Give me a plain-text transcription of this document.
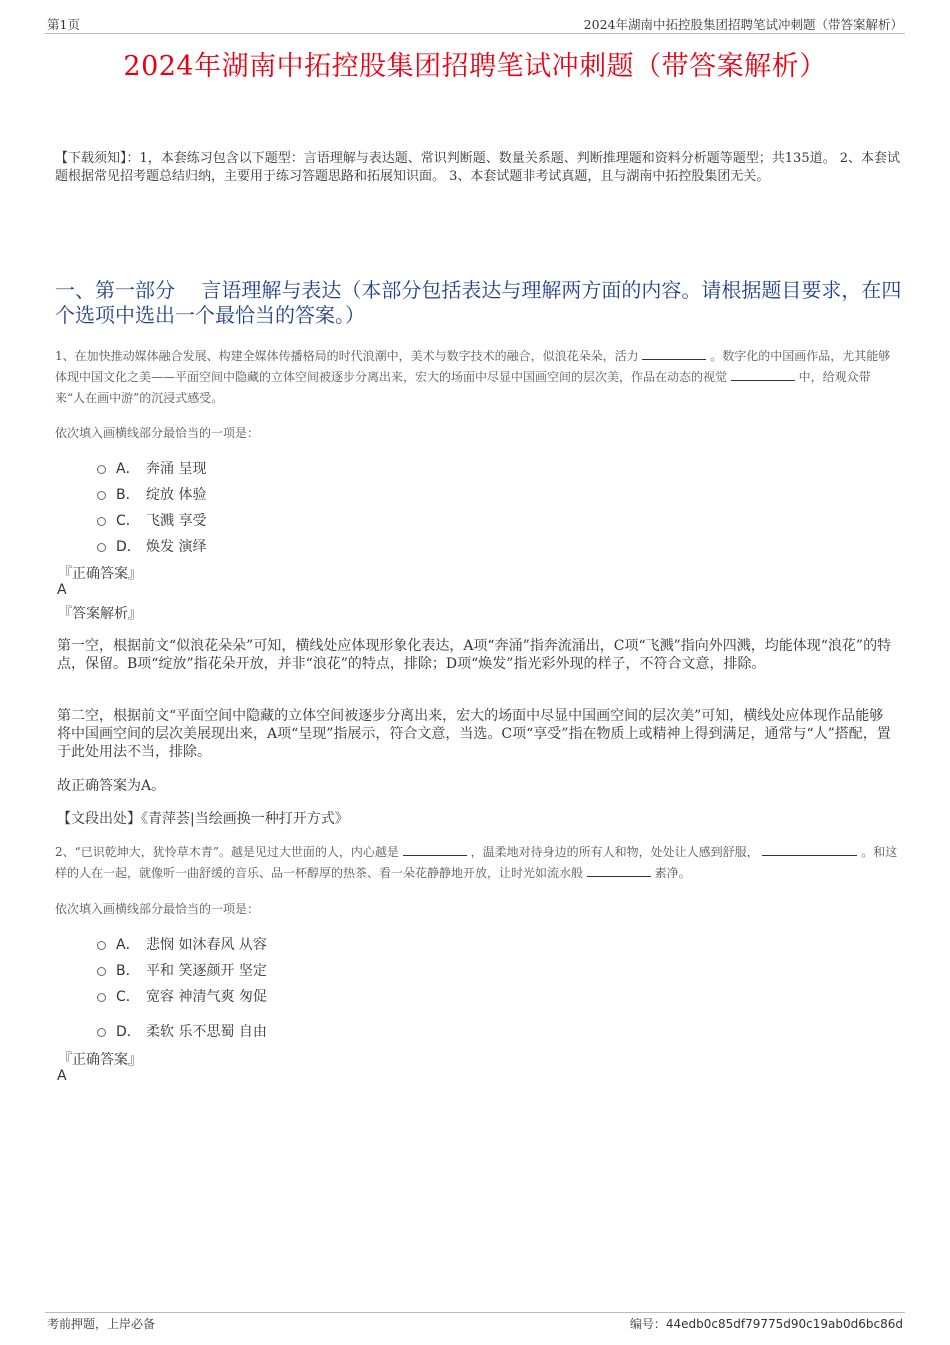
第1页	2024年湖南中拓控股集团招聘笔试冲刺题（带答案解析）
2024年湖南中拓控股集团招聘笔试冲刺题（带答案解析）
【下载须知】：1，本套练习包含以下题型：言语理解与表达题、常识判断题、数量关系题、判断推理题和资料分析题等题型；共135道。 2、本套试题根据常见招考题总结归纳，主要用于练习答题思路和拓展知识面。 3、本套试题非考试真题，且与湖南中拓控股集团无关。
一、第一部分　 言语理解与表达（本部分包括表达与理解两方面的内容。请根据题目要求，在四个选项中选出一个最恰当的答案。）
1、在加快推动媒体融合发展、构建全媒体传播格局的时代浪潮中，美术与数字技术的融合，似浪花朵朵，活力	。数字化的中国画作品，尤其能够体现中国文化之美——平面空间中隐藏的立体空间被逐步分离出来，宏大的场面中尽显中国画空间的层次美，作品在动态的视觉	中，给观众带来“人在画中游”的沉浸式感受。
依次填入画横线部分最恰当的一项是：
A． 奔涌 呈现
B． 绽放 体验
C． 飞溅 享受
D． 焕发 演绎
『正确答案』
A
『答案解析』
第一空，根据前文“似浪花朵朵”可知，横线处应体现形象化表达，A项“奔涌”指奔流涌出，C项“飞溅”指向外四溅，均能体现“浪花”的特点，保留。B项“绽放”指花朵开放，并非“浪花”的特点，排除；D项“焕发”指光彩外现的样子，不符合文意，排除。
第二空，根据前文“平面空间中隐藏的立体空间被逐步分离出来，宏大的场面中尽显中国画空间的层次美”可知，横线处应体现作品能够将中国画空间的层次美展现出来，A项“呈现”指展示，符合文意，当选。C项“享受”指在物质上或精神上得到满足，通常与“人”搭配，置于此处用法不当，排除。
故正确答案为A。
【文段出处】《青萍荟|当绘画换一种打开方式》
2、“已识乾坤大，犹怜草木青”。越是见过大世面的人，内心越是	，温柔地对待身边的所有人和物，处处让人感到舒服，	。和这样的人在一起，就像听一曲舒缓的音乐、品一杯醇厚的热茶、看一朵花静静地开放，让时光如流水般	素净。
依次填入画横线部分最恰当的一项是：
A． 悲悯 如沐春风 从容
B． 平和 笑逐颜开 坚定
C． 宽容 神清气爽 匆促
D． 柔软 乐不思蜀 自由
『正确答案』
A
考前押题，上岸必备	编号：44edb0c85df79775d90c19ab0d6bc86d
